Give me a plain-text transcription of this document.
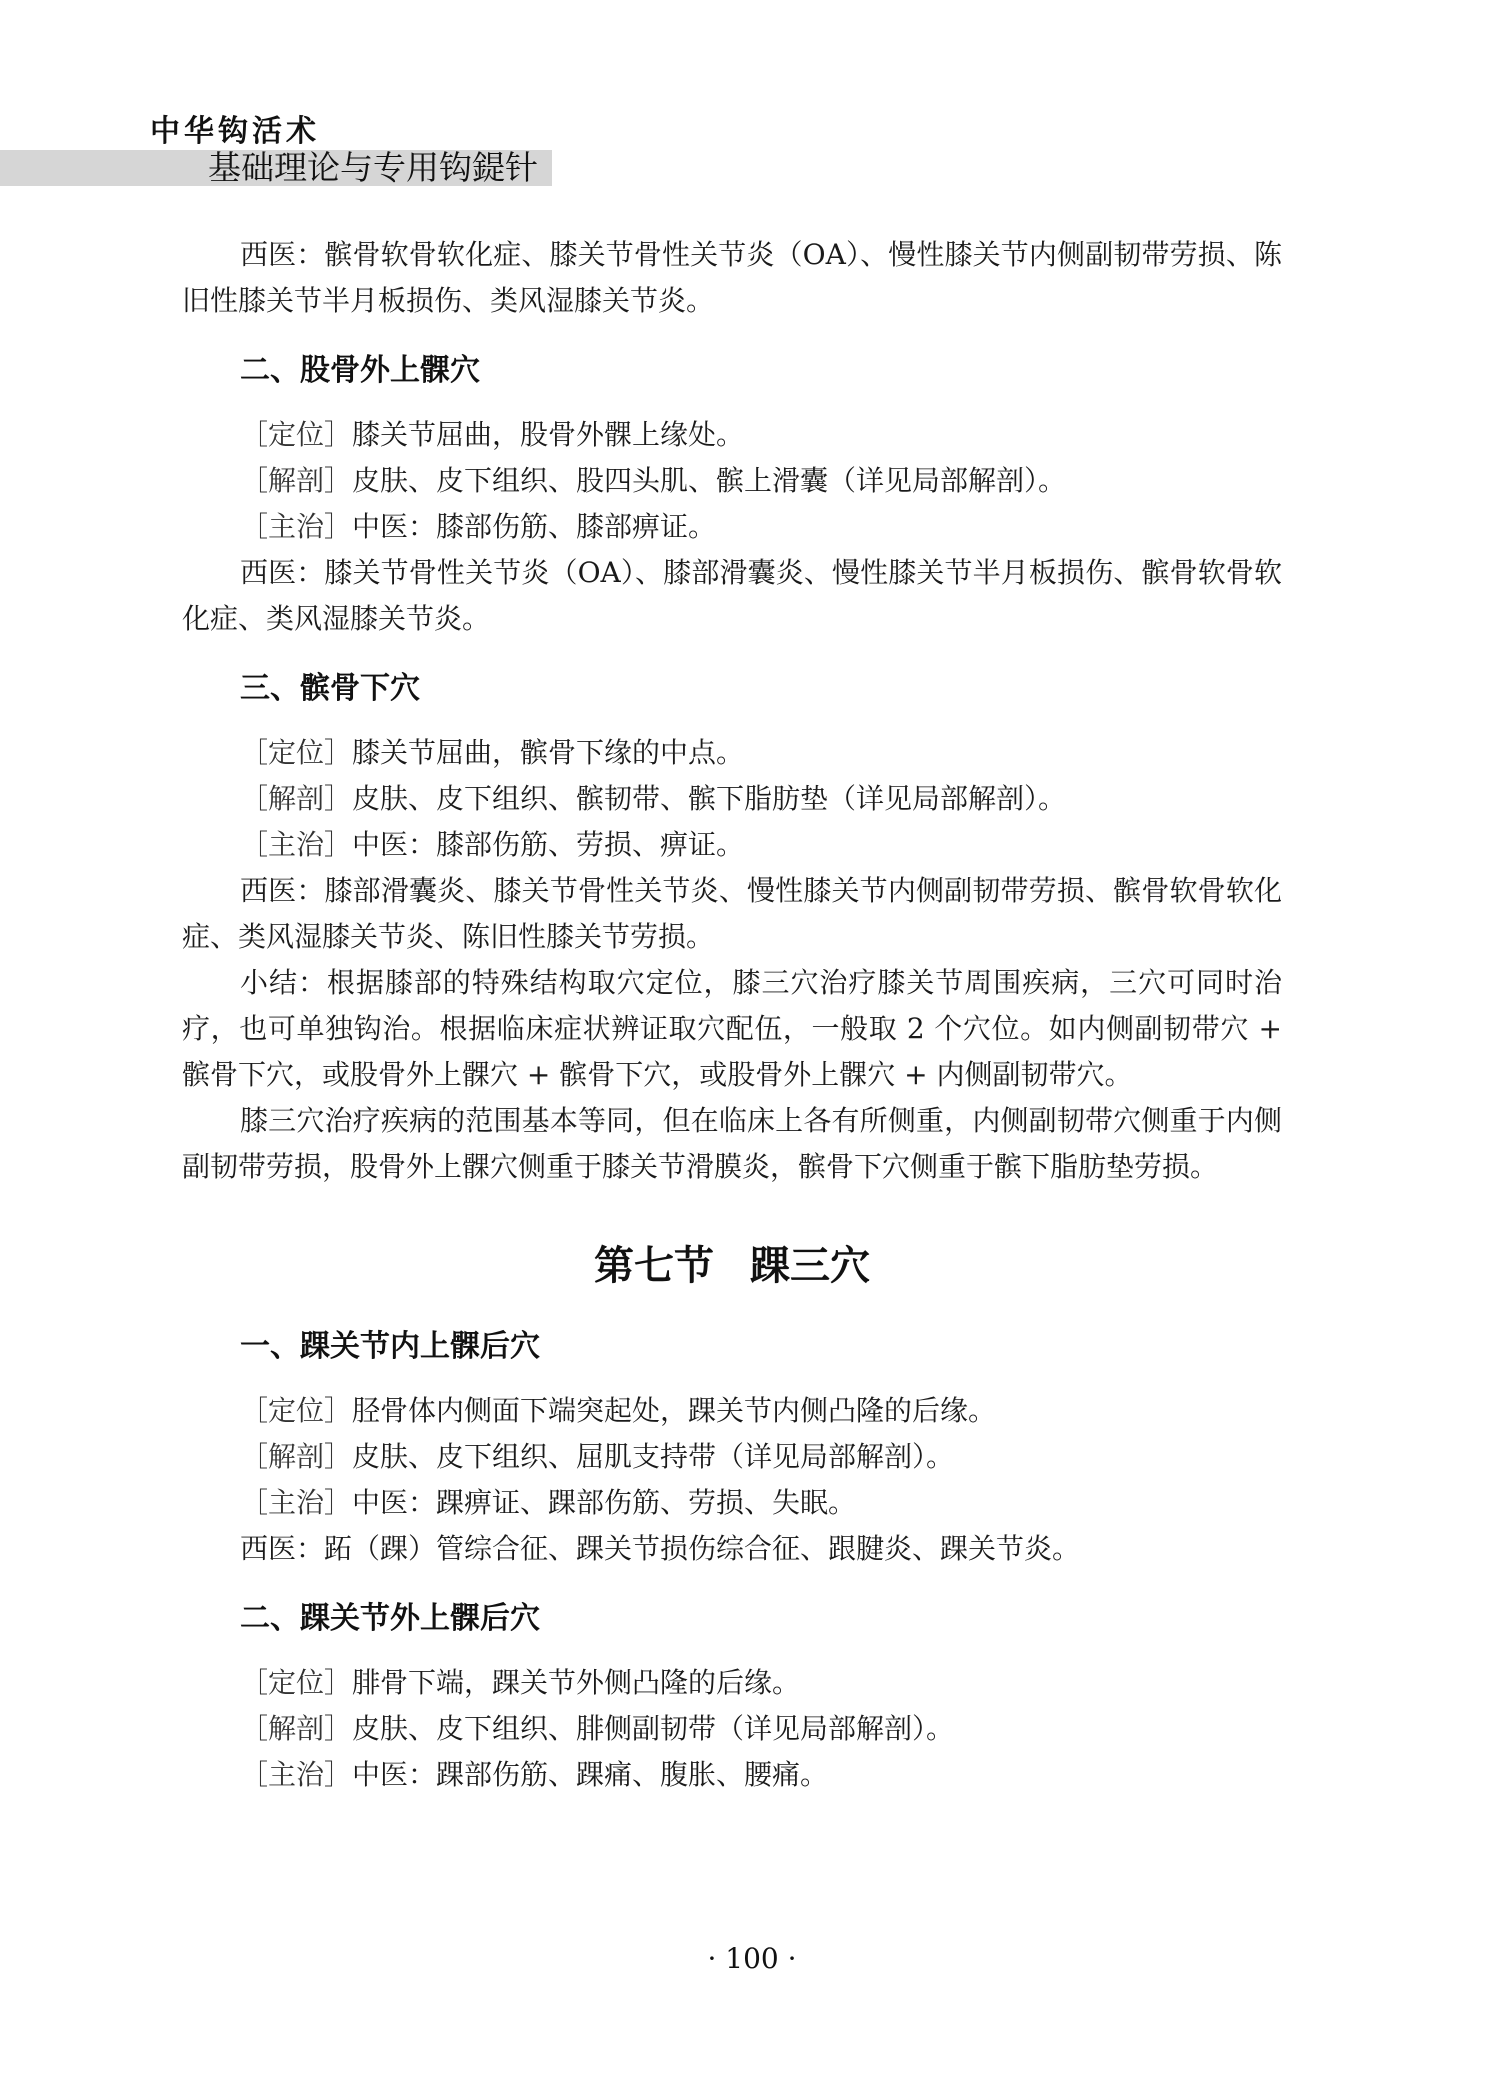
中华钩活术
基础理论与专用钩鍉针

西医：髌骨软骨软化症、膝关节骨性关节炎（OA）、慢性膝关节内侧副韧带劳损、陈旧性膝关节半月板损伤、类风湿膝关节炎。

二、股骨外上髁穴

［定位］膝关节屈曲，股骨外髁上缘处。

［解剖］皮肤、皮下组织、股四头肌、髌上滑囊（详见局部解剖）。

［主治］中医：膝部伤筋、膝部痹证。

西医：膝关节骨性关节炎（OA）、膝部滑囊炎、慢性膝关节半月板损伤、髌骨软骨软化症、类风湿膝关节炎。

三、髌骨下穴

［定位］膝关节屈曲，髌骨下缘的中点。

［解剖］皮肤、皮下组织、髌韧带、髌下脂肪垫（详见局部解剖）。

［主治］中医：膝部伤筋、劳损、痹证。

西医：膝部滑囊炎、膝关节骨性关节炎、慢性膝关节内侧副韧带劳损、髌骨软骨软化症、类风湿膝关节炎、陈旧性膝关节劳损。

小结：根据膝部的特殊结构取穴定位，膝三穴治疗膝关节周围疾病，三穴可同时治疗，也可单独钩治。根据临床症状辨证取穴配伍，一般取 2 个穴位。如内侧副韧带穴 + 髌骨下穴，或股骨外上髁穴 + 髌骨下穴，或股骨外上髁穴 + 内侧副韧带穴。

膝三穴治疗疾病的范围基本等同，但在临床上各有所侧重，内侧副韧带穴侧重于内侧副韧带劳损，股骨外上髁穴侧重于膝关节滑膜炎，髌骨下穴侧重于髌下脂肪垫劳损。

第七节 踝三穴
一、踝关节内上髁后穴

［定位］胫骨体内侧面下端突起处，踝关节内侧凸隆的后缘。

［解剖］皮肤、皮下组织、屈肌支持带（详见局部解剖）。

［主治］中医：踝痹证、踝部伤筋、劳损、失眠。

西医：跖（踝）管综合征、踝关节损伤综合征、跟腱炎、踝关节炎。

二、踝关节外上髁后穴

［定位］腓骨下端，踝关节外侧凸隆的后缘。

［解剖］皮肤、皮下组织、腓侧副韧带（详见局部解剖）。

［主治］中医：踝部伤筋、踝痛、腹胀、腰痛。

· 100 ·
